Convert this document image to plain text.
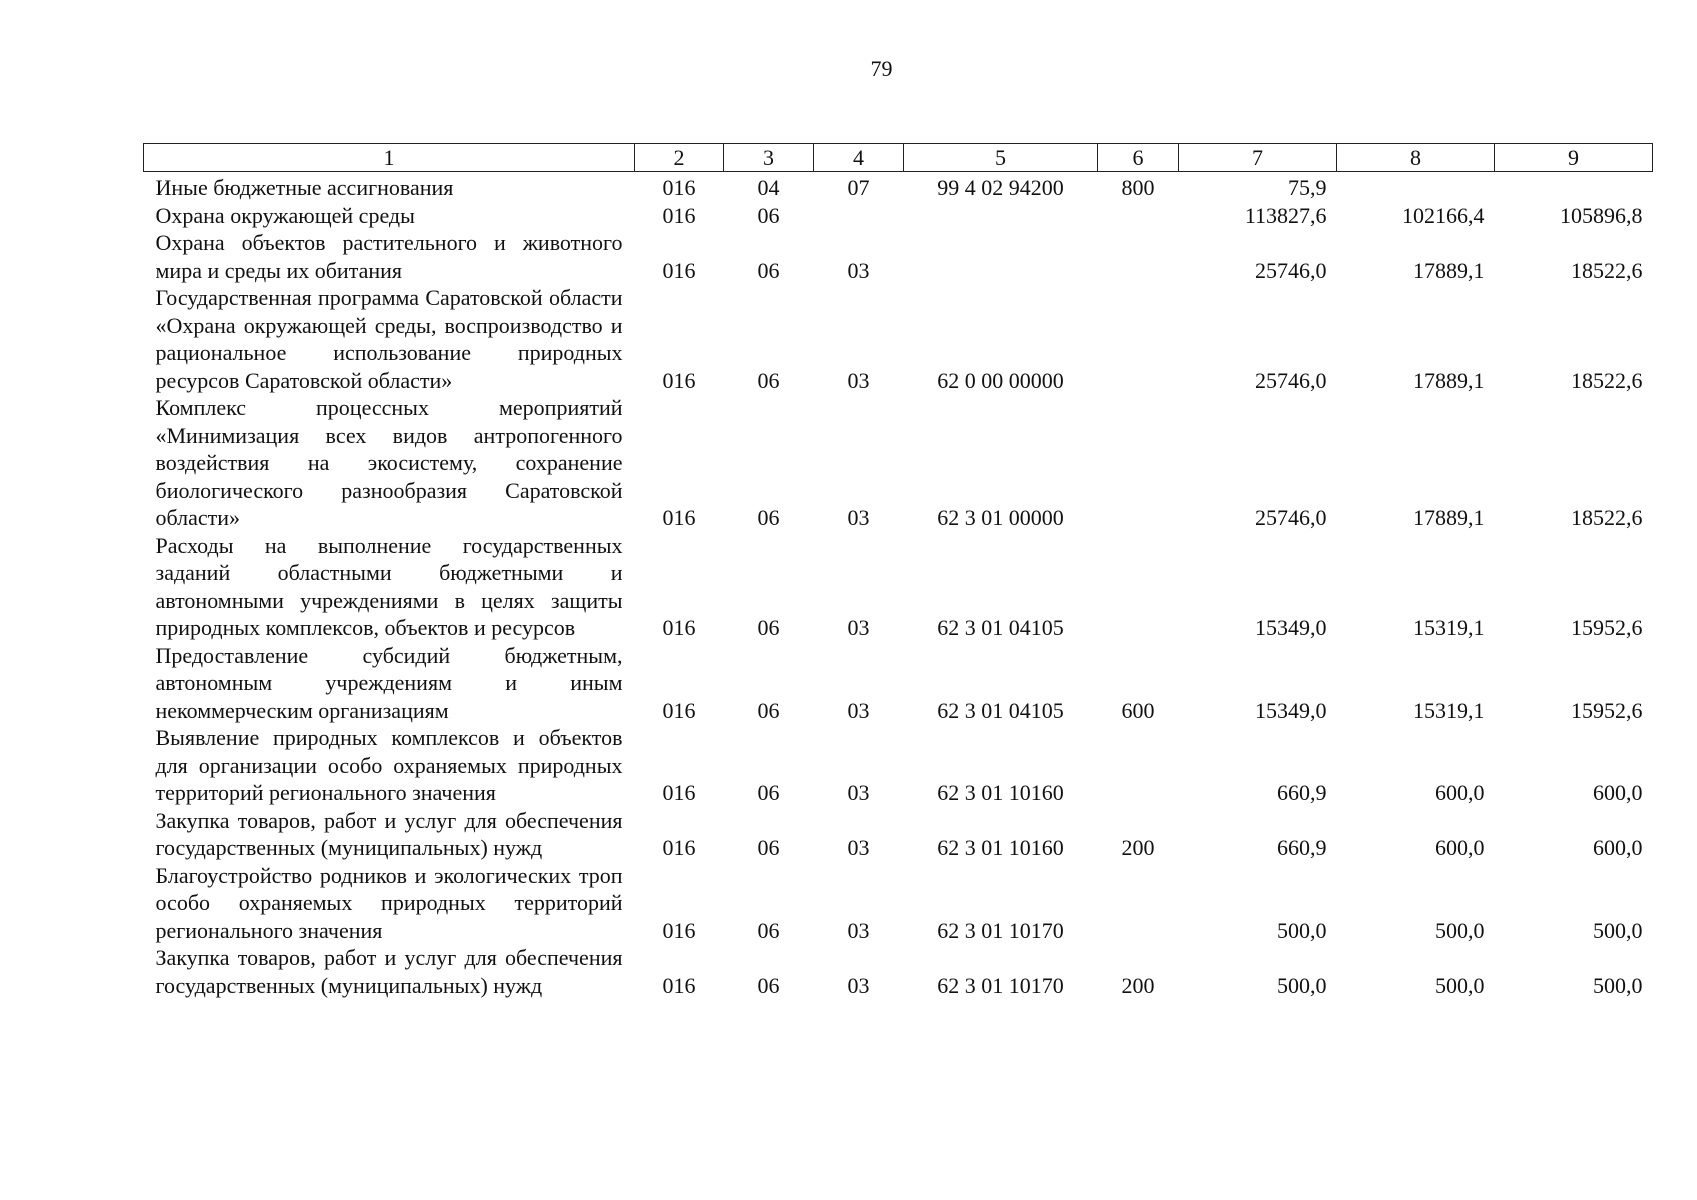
79
1	2	3	4	5	6	7	8	9
Иные бюджетные ассигнования	016	04	07	99 4 02 94200	800	75,9		
Охрана окружающей среды	016	06				113827,6	102166,4	105896,8
Охрана объектов растительного и животного мира и среды их обитания	016	06	03			25746,0	17889,1	18522,6
Государственная программа Саратовской области «Охрана окружающей среды, воспроизводство и рациональное использование природных ресурсов Саратовской области»	016	06	03	62 0 00 00000		25746,0	17889,1	18522,6
Комплекс процессных мероприятий «Минимизация всех видов антропогенного воздействия на экосистему, сохранение биологического разнообразия Саратовской области»	016	06	03	62 3 01 00000		25746,0	17889,1	18522,6
Расходы на выполнение государственных заданий областными бюджетными и автономными учреждениями в целях защиты природных комплексов, объектов и ресурсов	016	06	03	62 3 01 04105		15349,0	15319,1	15952,6
Предоставление субсидий бюджетным, автономным учреждениям и иным некоммерческим организациям	016	06	03	62 3 01 04105	600	15349,0	15319,1	15952,6
Выявление природных комплексов и объектов для организации особо охраняемых природных территорий регионального значения	016	06	03	62 3 01 10160		660,9	600,0	600,0
Закупка товаров, работ и услуг для обеспечения государственных (муниципальных) нужд	016	06	03	62 3 01 10160	200	660,9	600,0	600,0
Благоустройство родников и экологических троп особо охраняемых природных территорий регионального значения	016	06	03	62 3 01 10170		500,0	500,0	500,0
Закупка товаров, работ и услуг для обеспечения государственных (муниципальных) нужд	016	06	03	62 3 01 10170	200	500,0	500,0	500,0
